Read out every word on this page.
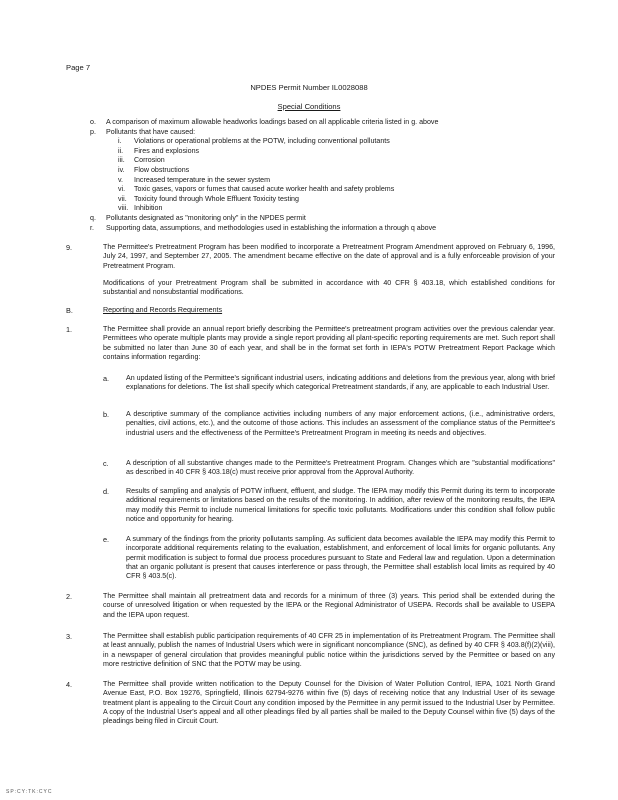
Page 7
NPDES Permit Number IL0028088
Special Conditions
o. A comparison of maximum allowable headworks loadings based on all applicable criteria listed in g. above
p. Pollutants that have caused:
i. Violations or operational problems at the POTW, including conventional pollutants
ii. Fires and explosions
iii. Corrosion
iv. Flow obstructions
v. Increased temperature in the sewer system
vi. Toxic gases, vapors or fumes that caused acute worker health and safety problems
vii. Toxicity found through Whole Effluent Toxicity testing
viii. Inhibition
q. Pollutants designated as "monitoring only" in the NPDES permit
r. Supporting data, assumptions, and methodologies used in establishing the information a through q above
9.	The Permittee's Pretreatment Program has been modified to incorporate a Pretreatment Program Amendment approved on February 6, 1996, July 24, 1997, and September 27, 2005. The amendment became effective on the date of approval and is a fully enforceable provision of your Pretreatment Program.
Modifications of your Pretreatment Program shall be submitted in accordance with 40 CFR § 403.18, which established conditions for substantial and nonsubstantial modifications.
B.	Reporting and Records Requirements
1.	The Permittee shall provide an annual report briefly describing the Permittee's pretreatment program activities over the previous calendar year. Permittees who operate multiple plants may provide a single report providing all plant-specific reporting requirements are met. Such report shall be submitted no later than June 30 of each year, and shall be in the format set forth in IEPA's POTW Pretreatment Report Package which contains information regarding:
a. An updated listing of the Permittee's significant industrial users, indicating additions and deletions from the previous year, along with brief explanations for deletions. The list shall specify which categorical Pretreatment standards, if any, are applicable to each Industrial User.
b. A descriptive summary of the compliance activities including numbers of any major enforcement actions, (i.e., administrative orders, penalties, civil actions, etc.), and the outcome of those actions. This includes an assessment of the compliance status of the Permittee's industrial users and the effectiveness of the Permittee's Pretreatment Program in meeting its needs and objectives.
c. A description of all substantive changes made to the Permittee's Pretreatment Program. Changes which are "substantial modifications" as described in 40 CFR § 403.18(c) must receive prior approval from the Approval Authority.
d. Results of sampling and analysis of POTW influent, effluent, and sludge. The IEPA may modify this Permit during its term to incorporate additional requirements or limitations based on the results of the monitoring. In addition, after review of the monitoring results, the IEPA may modify this Permit to include numerical limitations for specific toxic pollutants. Modifications under this condition shall follow public notice and opportunity for hearing.
e. A summary of the findings from the priority pollutants sampling. As sufficient data becomes available the IEPA may modify this Permit to incorporate additional requirements relating to the evaluation, establishment, and enforcement of local limits for organic pollutants. Any permit modification is subject to formal due process procedures pursuant to State and Federal law and regulation. Upon a determination that an organic pollutant is present that causes interference or pass through, the Permittee shall establish local limits as required by 40 CFR § 403.5(c).
2.	The Permittee shall maintain all pretreatment data and records for a minimum of three (3) years. This period shall be extended during the course of unresolved litigation or when requested by the IEPA or the Regional Administrator of USEPA. Records shall be available to USEPA and the IEPA upon request.
3.	The Permittee shall establish public participation requirements of 40 CFR 25 in implementation of its Pretreatment Program. The Permittee shall at least annually, publish the names of Industrial Users which were in significant noncompliance (SNC), as defined by 40 CFR § 403.8(f)(2)(viii), in a newspaper of general circulation that provides meaningful public notice within the jurisdictions served by the Permittee or based on any more restrictive definition of SNC that the POTW may be using.
4.	The Permittee shall provide written notification to the Deputy Counsel for the Division of Water Pollution Control, IEPA, 1021 North Grand Avenue East, P.O. Box 19276, Springfield, Illinois 62794-9276 within five (5) days of receiving notice that any Industrial User of its sewage treatment plant is appealing to the Circuit Court any condition imposed by the Permittee in any permit issued to the Industrial User by Permittee. A copy of the Industrial User's appeal and all other pleadings filed by all parties shall be mailed to the Deputy Counsel within five (5) days of the pleadings being filed in Circuit Court.
SP:CY:TK:CYC
